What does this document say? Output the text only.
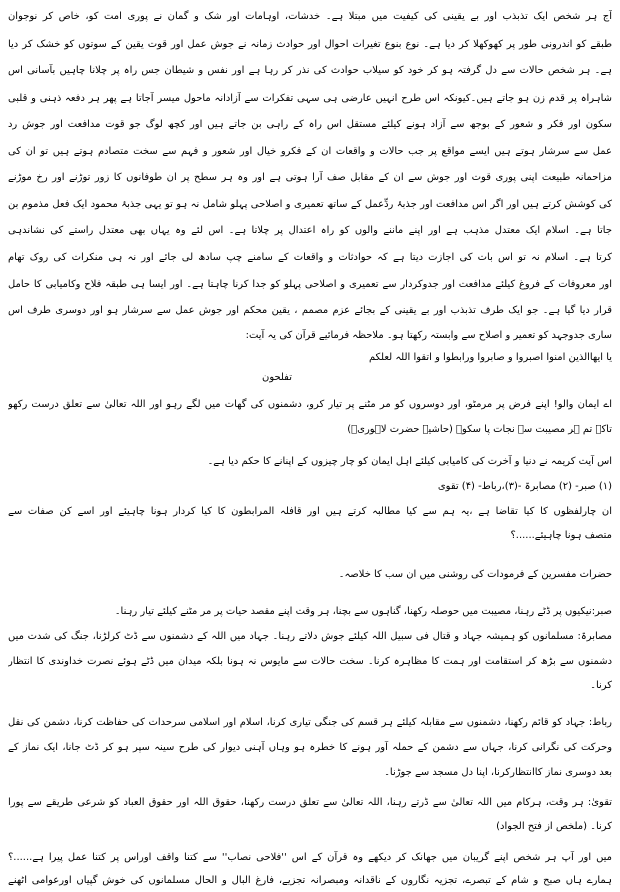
آج ہر شخص ایک تذبذب اور بے یقینی کی کیفیت میں مبتلا ہے۔ خدشات، اوہامات اور شک و گمان نے پوری امت کو، خاص کر نوجوان
طبقے کو اندرونی طور پر کھوکھلا کر دیا ہے۔ نوع بنوع تغیرات احوال اور حوادث زمانہ نے جوش عمل اور قوت یقین کے سوتوں کو خشک کر دیا
ہے۔ ہر شخص حالات سے دل گرفتہ ہو کر خود کو سیلاب حوادث کی نذر کر رہا ہے اور نفس و شیطان جس راہ پر چلانا چاہیں بآسانی اس
شاہراہ پر قدم زن ہو جاتے ہیں۔کیونکہ اس طرح انہیں عارضی ہی سہی تفکرات سے آزادانہ ماحول میسر آجاتا ہے پھر ہر دفعہ ذہنی و قلبی
سکون اور فکر و شعور کے بوجھ سے آزاد ہونے کیلئے مستقل اس راہ کے راہی بن جاتے ہیں اور کچھ لوگ جو قوت مدافعت اور جوش رد
عمل سے سرشار ہوتے ہیں ایسے مواقع پر جب حالات و واقعات ان کے فکرو خیال اور شعور و فہم سے سخت متصادم ہوتے ہیں تو ان کی
مزاحمانہ طبیعت اپنی پوری قوت اور جوش سے ان کے مقابل صف آرا ہوتی ہے اور وہ ہر سطح پر ان طوفانوں کا زور توڑنے اور رخ موڑنے
کی کوشش کرتے ہیں اور اگر اس مدافعت اور جذبۂ ردِّعمل کے ساتھ تعمیری و اصلاحی پہلو شامل نہ ہو تو یہی جذبۂ محمود ایک فعل مذموم بن
جاتا ہے۔ اسلام ایک معتدل مذہب ہے اور اپنے ماننے والوں کو راہ اعتدال پر چلاتا ہے۔ اس لئے وہ یہاں بھی معتدل راستے کی نشاندہی
کرتا ہے۔ اسلام نہ تو اس بات کی اجازت دیتا ہے کہ حوادثات و واقعات کے سامنے چپ سادھ لی جائے اور نہ ہی منکرات کی روک تھام
اور معروفات کے فروغ کیلئے مدافعت اور جدوکردار سے تعمیری و اصلاحی پہلو کو جدا کرنا چاہتا ہے۔ اور ایسا ہی طبقہ فلاح وکامیابی کا حامل
قرار دیا گیا ہے۔ جو ایک طرف تذبذب اور بے یقینی کے بجائے عزم مصمم ، یقین محکم اور جوش عمل سے سرشار ہو اور دوسری طرف اس
ساری جدوجہد کو تعمیر و اصلاح سے وابستہ رکھتا ہو۔ ملاحظہ فرمائیے قرآن کی یہ آیت:
یا ایھاالذین امنوا اصبروا و صابروا ورابطوا و اتقوا اللہ لعلکم
تفلحون
اے ایمان والو! اپنے فرض پر مرمٹو، اور دوسروں کو مر مٹنے پر تیار کرو، دشمنوں کی گھات میں لگے رہو اور اللہ تعالیٰ سے تعلق درست رکھو
تاکہ تم ہر مصیبت سے نجات پا سکو۔ (حاشیہ حضرت لاہوریؒ)
اس آیت کریمہ نے دنیا و آخرت کی کامیابی کیلئے اہل ایمان کو چار چیزوں کے اپنانے کا حکم دیا ہے۔
(۱) صبر- (۲) مصابرۃ -(۳)،رباط- (۴) تقوی
ان چارلفظوں کا کیا تقاضا ہے ،یہ ہم سے کیا مطالبہ کرتے ہیں اور قافلہ المرابطون کا کیا کردار ہونا چاہیئے اور اسے کن صفات سے
متصف ہونا چاہیئے......؟
حضرات مفسرین کے فرمودات کی روشنی میں ان سب کا خلاصہ۔
صبر:نیکیوں پر ڈٹے رہنا، مصیبت میں حوصلہ رکھنا، گناہوں سے بچنا، ہر وقت اپنے مقصد حیات پر مر مٹنے کیلئے تیار رہنا۔
مصابرۃ: مسلمانوں کو ہمیشہ جہاد و قتال فی سبیل اللہ کیلئے جوش دلاتے رہنا۔ جہاد میں اللہ کے دشمنوں سے ڈٹ کرلڑنا، جنگ کی شدت میں
دشمنوں سے بڑھ کر استقامت اور ہمت کا مظاہرہ کرنا۔ سخت حالات سے مایوس نہ ہونا بلکہ میدان میں ڈٹے ہوئے نصرت خداوندی کا انتظار
کرنا۔
رباط: جہاد کو قائم رکھنا، دشمنوں سے مقابلہ کیلئے ہر قسم کی جنگی تیاری کرنا، اسلام اور اسلامی سرحدات کی حفاظت کرنا، دشمن کی نقل
وحرکت کی نگرانی کرنا، جہاں سے دشمن کے حملہ آور ہونے کا خطرہ ہو وہاں آہنی دیوار کی طرح سینہ سپر ہو کر ڈٹ جانا، ایک نماز کے
بعد دوسری نماز کاانتظارکرنا، اپنا دل مسجد سے جوڑنا۔
تقویٰ: ہر وقت، ہرکام میں اللہ تعالیٰ سے ڈرتے رہنا، اللہ تعالیٰ سے تعلق درست رکھنا، حقوق اللہ اور حقوق العباد کو شرعی طریقے سے پورا
کرنا۔ (ملخص از فتح الجواد)
میں اور آپ ہر شخص اپنے گریبان میں جھانک کر دیکھے وہ قرآن کے اس ''فلاحی نصاب'' سے کتنا واقف اوراس پر کتنا عمل پیرا ہے......؟
ہمارے ہاں صبح و شام کے تبصرے، تجزیہ نگاروں کے ناقدانہ ومبصرانہ تجزیے، فارغ البال و الحال مسلمانوں کی خوش گپیاں اورعوامی اٹھنے
